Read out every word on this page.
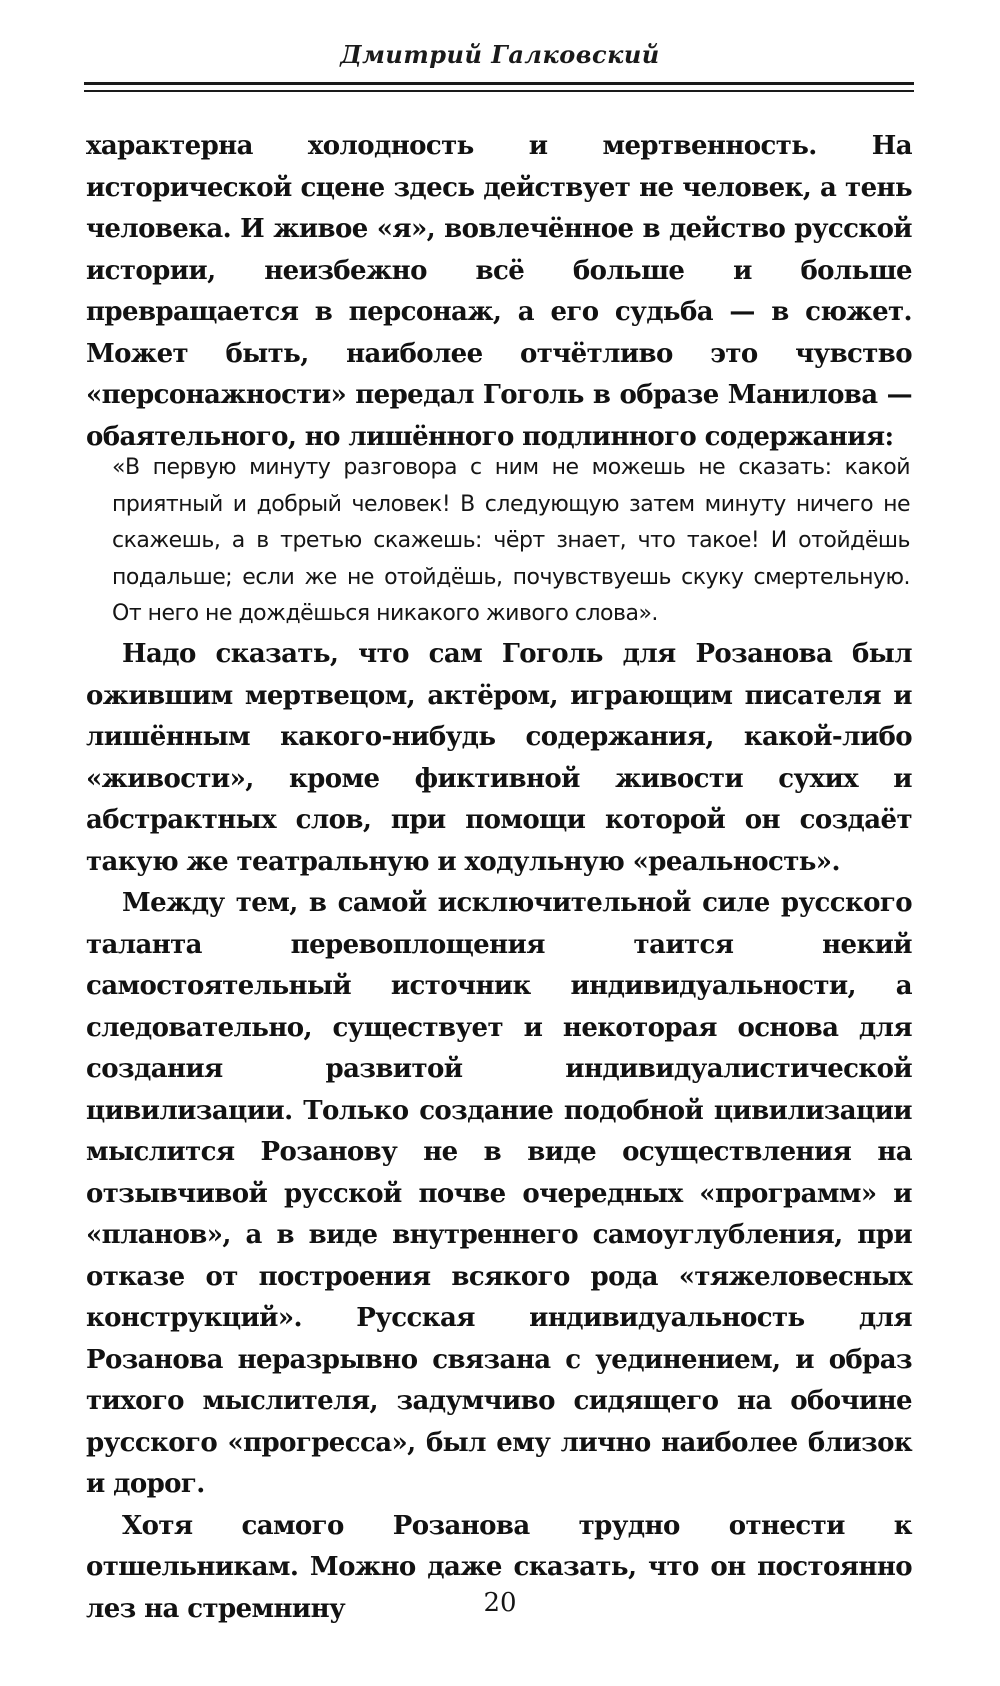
Дмитрий Галковский

характерна холодность и мертвенность. На исторической сцене здесь действует не человек, а тень человека. И живое «я», вовлечённое в действо русской истории, неизбежно всё больше и больше превращается в персонаж, а его судьба — в сюжет. Может быть, наиболее отчётливо это чувство «персонажности» передал Гоголь в образе Манилова — обаятельного, но лишённого подлинного содержания:

«В первую минуту разговора с ним не можешь не сказать: какой приятный и добрый человек! В следующую затем минуту ничего не скажешь, а в третью скажешь: чёрт знает, что такое! И отойдёшь подальше; если же не отойдёшь, почувствуешь скуку смертельную. От него не дождёшься никакого живого слова».

Надо сказать, что сам Гоголь для Розанова был ожившим мертвецом, актёром, играющим писателя и лишённым какого-нибудь содержания, какой-либо «живости», кроме фиктивной живости сухих и абстрактных слов, при помощи которой он создаёт такую же театральную и ходульную «реальность».

Между тем, в самой исключительной силе русского таланта перевоплощения таится некий самостоятельный источник индивидуальности, а следовательно, существует и некоторая основа для создания развитой индивидуалистической цивилизации. Только создание подобной цивилизации мыслится Розанову не в виде осуществления на отзывчивой русской почве очередных «программ» и «планов», а в виде внутреннего самоуглубления, при отказе от построения всякого рода «тяжеловесных конструкций». Русская индивидуальность для Розанова неразрывно связана с уединением, и образ тихого мыслителя, задумчиво сидящего на обочине русского «прогресса», был ему лично наиболее близок и дорог.

Хотя самого Розанова трудно отнести к отшельникам. Можно даже сказать, что он постоянно лез на стремнину	20
